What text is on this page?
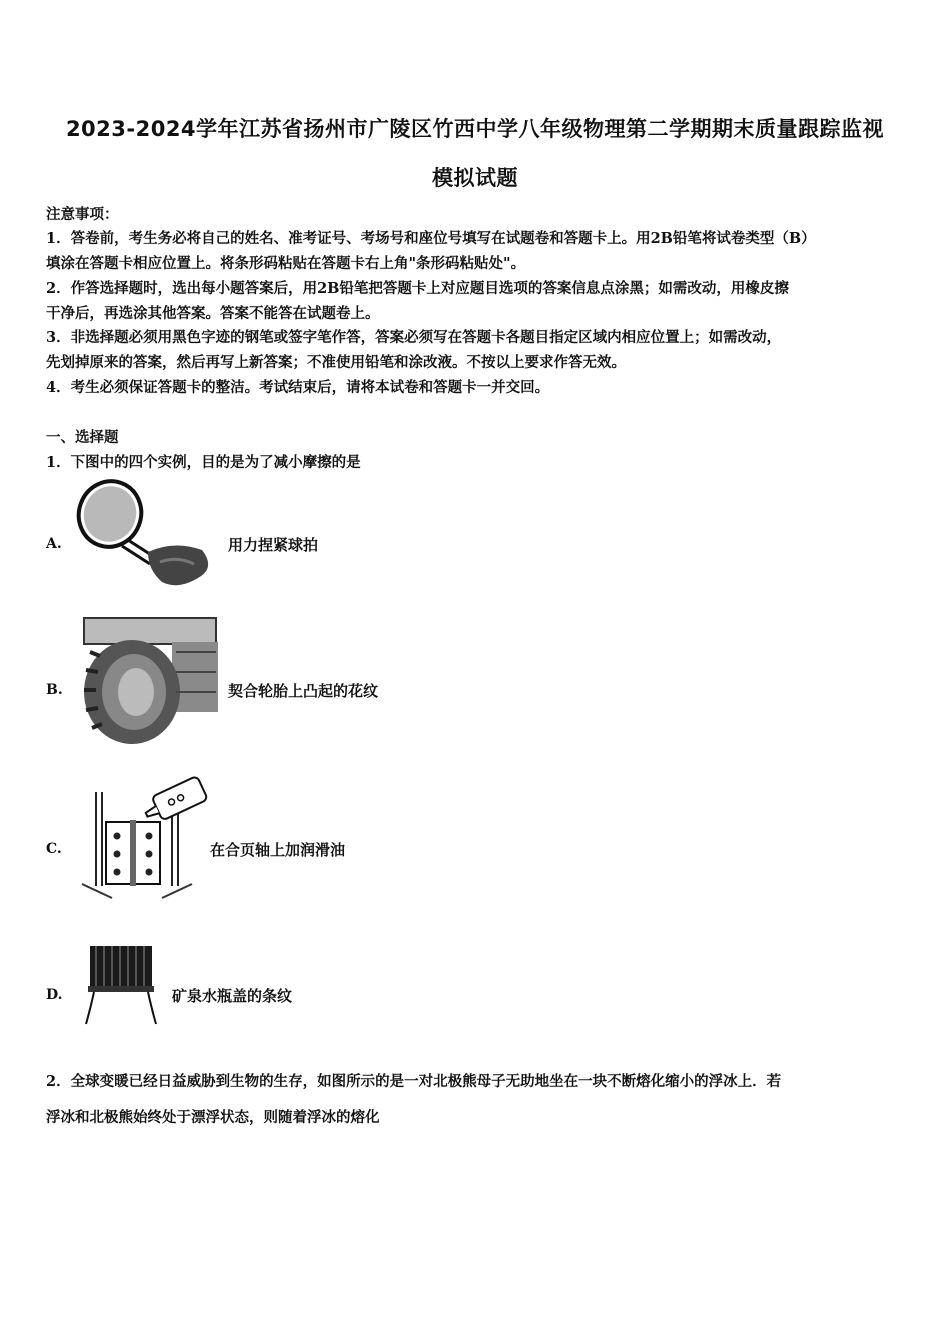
2023-2024学年江苏省扬州市广陵区竹西中学八年级物理第二学期期末质量跟踪监视
模拟试题
注意事项：
1．答卷前，考生务必将自己的姓名、准考证号、考场号和座位号填写在试题卷和答题卡上。用2B铅笔将试卷类型（B）
填涂在答题卡相应位置上。将条形码粘贴在答题卡右上角"条形码粘贴处"。
2．作答选择题时，选出每小题答案后，用2B铅笔把答题卡上对应题目选项的答案信息点涂黑；如需改动，用橡皮擦
干净后，再选涂其他答案。答案不能答在试题卷上。
3．非选择题必须用黑色字迹的钢笔或签字笔作答，答案必须写在答题卡各题目指定区域内相应位置上；如需改动，
先划掉原来的答案，然后再写上新答案；不准使用铅笔和涂改液。不按以上要求作答无效。
4．考生必须保证答题卡的整洁。考试结束后，请将本试卷和答题卡一并交回。
一、选择题
1．下图中的四个实例，目的是为了减小摩擦的是
A.	用力捏紧球拍
B.	契合轮胎上凸起的花纹
C.	在合页轴上加润滑油
D.	矿泉水瓶盖的条纹
2．全球变暖已经日益威胁到生物的生存，如图所示的是一对北极熊母子无助地坐在一块不断熔化缩小的浮冰上．若
浮冰和北极熊始终处于漂浮状态，则随着浮冰的熔化
